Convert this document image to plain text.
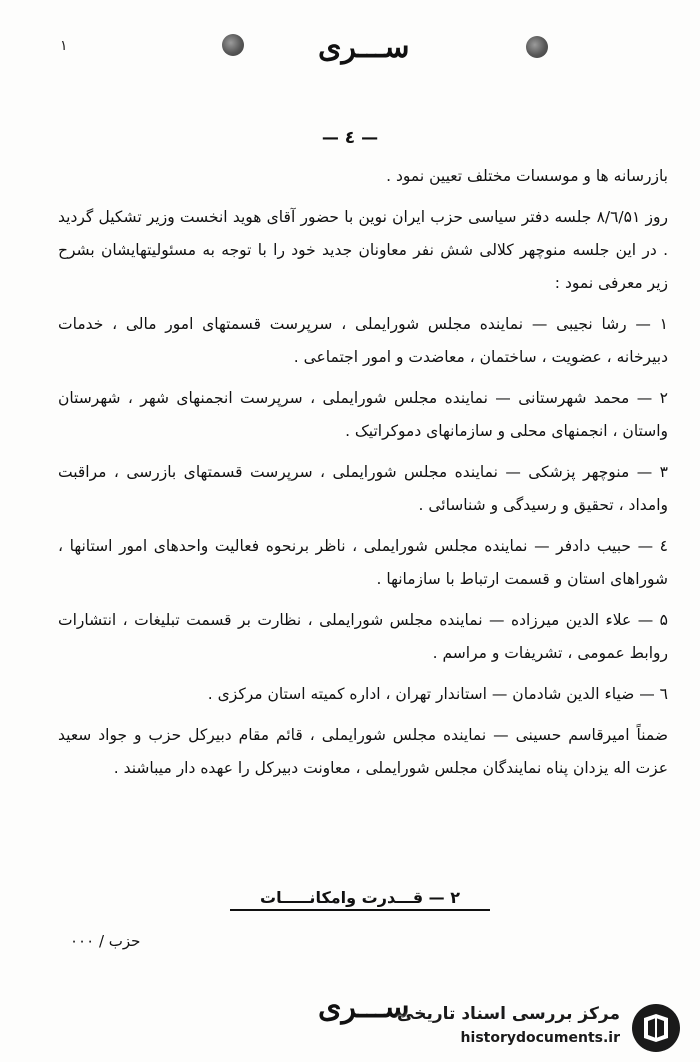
١	ســـری
— ٤ —

بازرسانه ها و موسسات مختلف تعیین نمود .

روز ۸/٦/۵۱ جلسه دفتر سیاسی حزب ایران نوین با حضور آقای هوید انخست وزیر تشکیل گردید . در این جلسه منوچهر کلالی شش نفر معاونان جدید خود را با توجه به مسئولیتهایشان بشرح زیر معرفی نمود :

۱ — رشا نجیبی — نماینده مجلس شورایملی ، سرپرست قسمتهای امور مالی ، خدمات دبیرخانه ، عضویت ، ساختمان ، معاضدت و امور اجتماعی .

۲ — محمد شهرستانی — نماینده مجلس شورایملی ، سرپرست انجمنهای شهر ، شهرستان واستان ، انجمنهای محلی و سازمانهای دموکراتیک .

۳ — منوچهر پزشکی — نماینده مجلس شورایملی ، سرپرست قسمتهای بازرسی ، مراقبت وامداد ، تحقیق و رسیدگی و شناسائی .

٤ — حبیب دادفر — نماینده مجلس شورایملی ، ناظر برنحوه فعالیت واحدهای امور استانها ، شوراهای استان و قسمت ارتباط با سازمانها .

۵ — علاء الدین میرزاده — نماینده مجلس شورایملی ، نظارت بر قسمت تبلیغات ، انتشارات روابط عمومی ، تشریفات و مراسم .

٦ — ضیاء الدین شادمان — استاندار تهران ، اداره کمیته استان مرکزی .

ضمناً امیرقاسم حسینی — نماینده مجلس شورایملی ، قائم مقام دبیرکل حزب و جواد سعید عزت اله یزدان پناه نمایندگان مجلس شورایملی ، معاونت دبیرکل را عهده دار میباشند .

۲ — قـــدرت وامکانـــــات
حزب / ۰۰۰
ســـری
مرکز بررسی اسناد تاریخی
historydocuments.ir
